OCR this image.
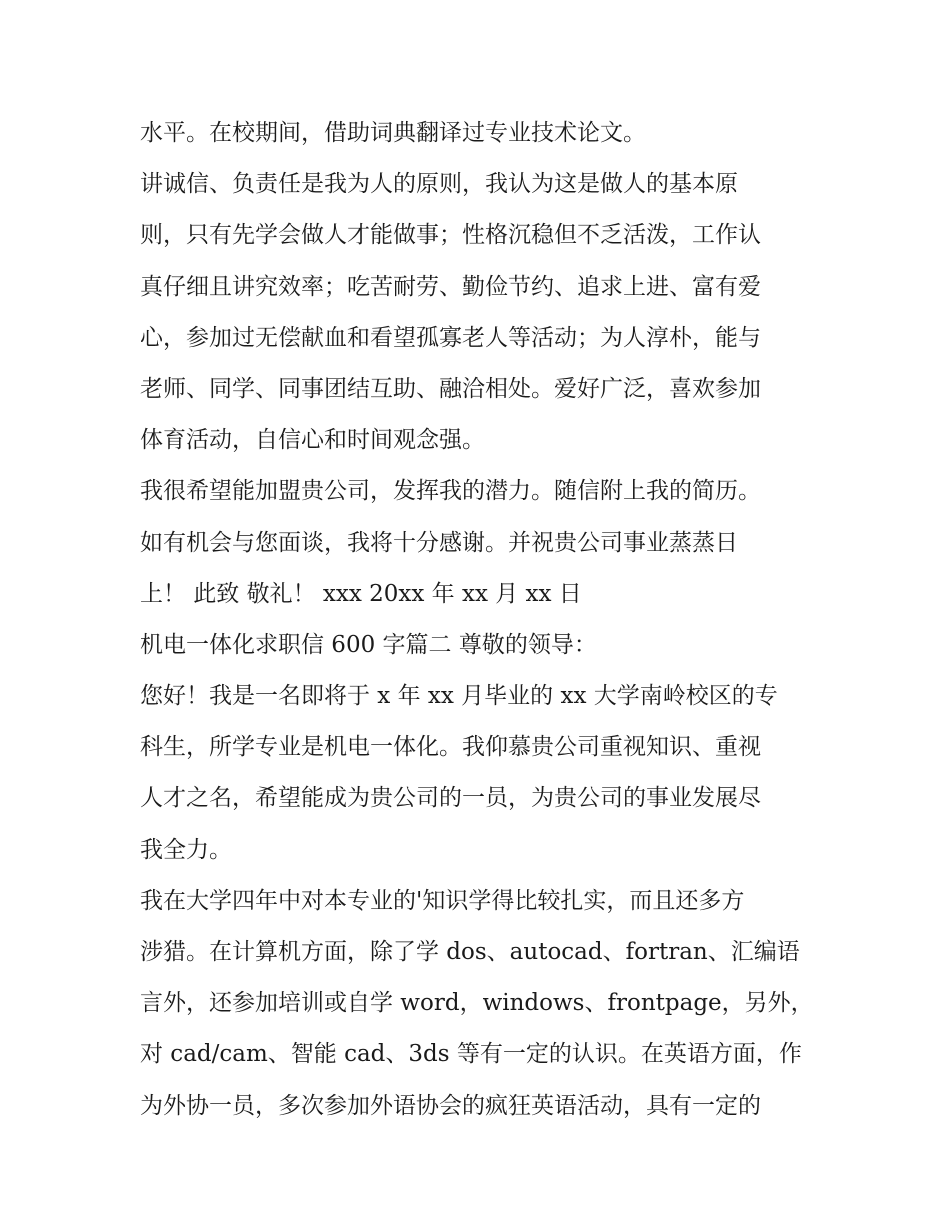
水平。在校期间，借助词典翻译过专业技术论文。
讲诚信、负责任是我为人的原则，我认为这是做人的基本原
则，只有先学会做人才能做事；性格沉稳但不乏活泼，工作认
真仔细且讲究效率；吃苦耐劳、勤俭节约、追求上进、富有爱
心，参加过无偿献血和看望孤寡老人等活动；为人淳朴，能与
老师、同学、同事团结互助、融洽相处。爱好广泛，喜欢参加
体育活动，自信心和时间观念强。
我很希望能加盟贵公司，发挥我的潜力。随信附上我的简历。
如有机会与您面谈，我将十分感谢。并祝贵公司事业蒸蒸日
上！ 此致 敬礼！ xxx 20xx 年 xx 月 xx 日
机电一体化求职信 600 字篇二 尊敬的领导：
您好！我是一名即将于 x 年 xx 月毕业的 xx 大学南岭校区的专
科生，所学专业是机电一体化。我仰慕贵公司重视知识、重视
人才之名，希望能成为贵公司的一员，为贵公司的事业发展尽
我全力。
我在大学四年中对本专业的'知识学得比较扎实，而且还多方
涉猎。在计算机方面，除了学 dos、autocad、fortran、汇编语
言外，还参加培训或自学 word，windows、frontpage，另外，
对 cad/cam、智能 cad、3ds 等有一定的认识。在英语方面，作
为外协一员，多次参加外语协会的疯狂英语活动，具有一定的
